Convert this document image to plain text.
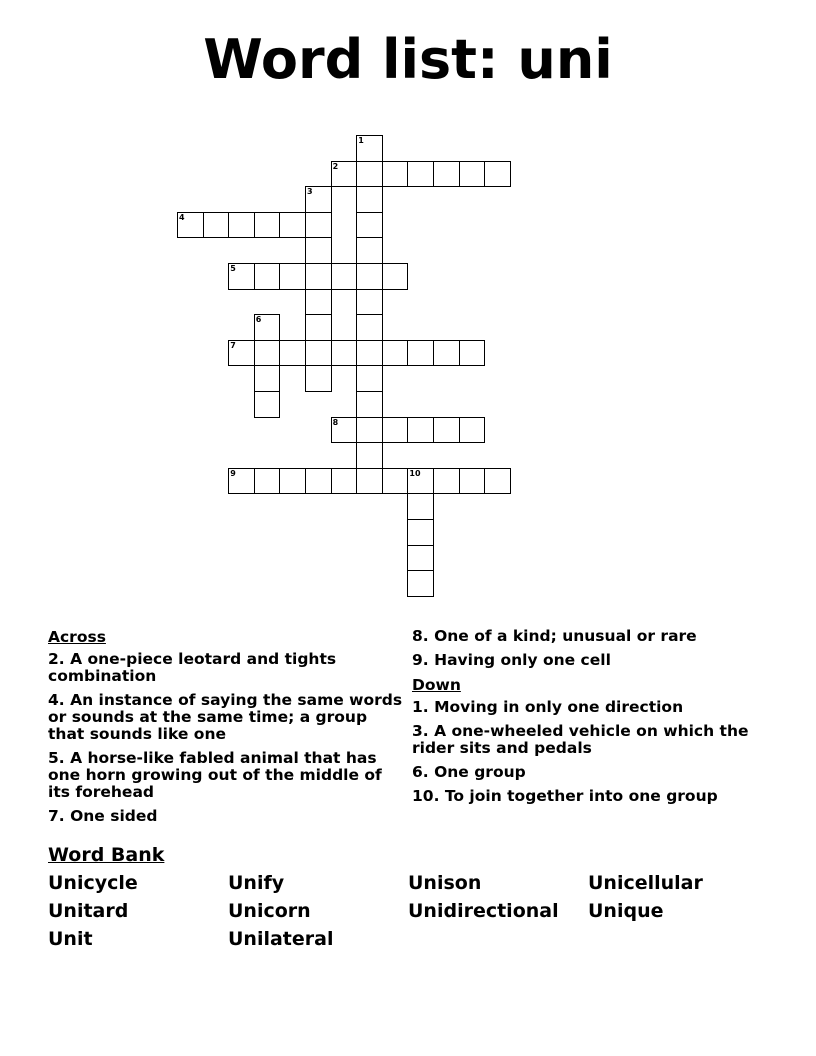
Word list: uni
1
2
3
4
5
6
7
8
9	10
Across
2. A one-piece leotard and tights combination
4. An instance of saying the same words or sounds at the same time; a group that sounds like one
5. A horse-like fabled animal that has one horn growing out of the middle of its forehead
7. One sided
8. One of a kind; unusual or rare
9. Having only one cell
Down
1. Moving in only one direction
3. A one-wheeled vehicle on which the rider sits and pedals
6. One group
10. To join together into one group
Word Bank
Unicycle	Unify	Unison	Unicellular
Unitard	Unicorn	Unidirectional Unique
Unit	Unilateral
